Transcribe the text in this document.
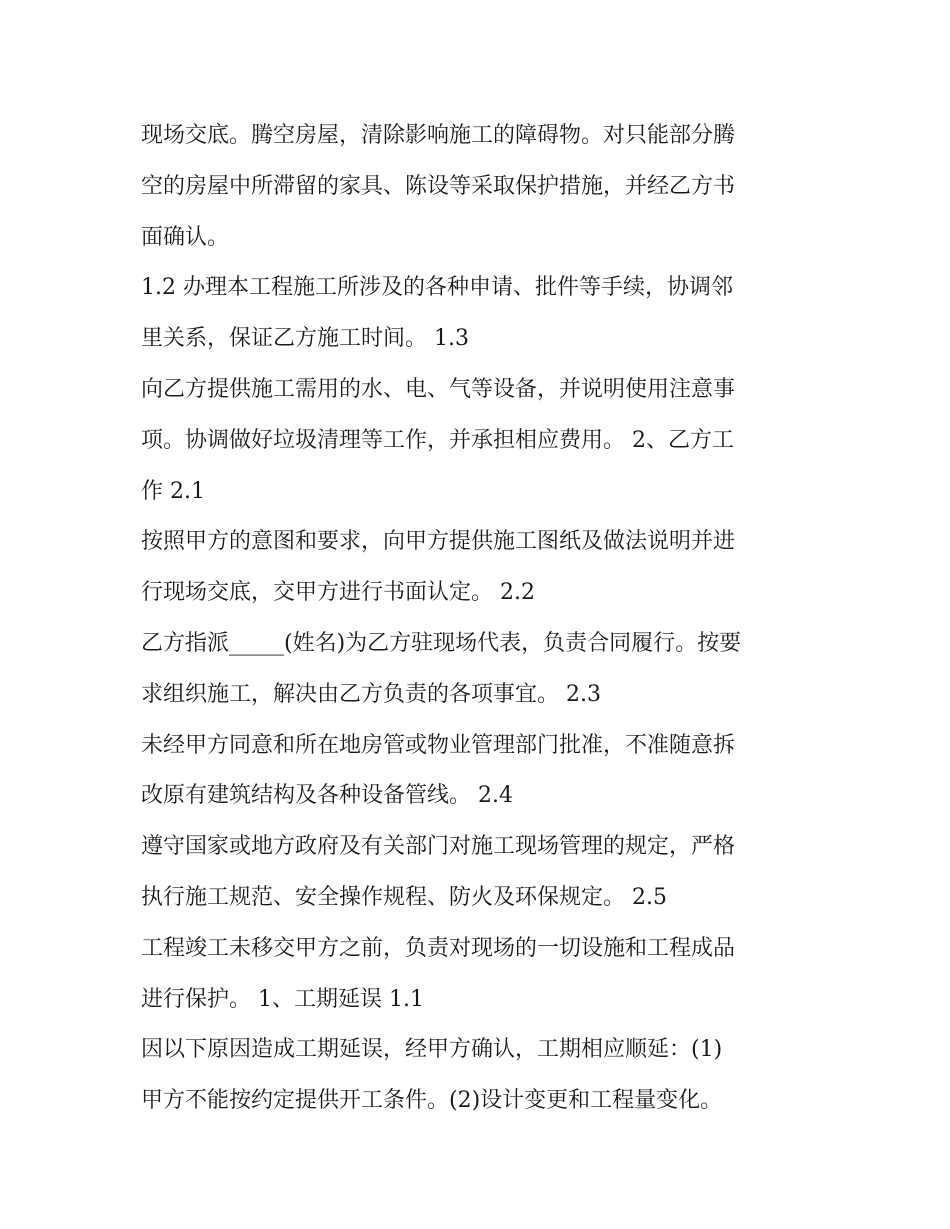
现场交底。腾空房屋，清除影响施工的障碍物。对只能部分腾
空的房屋中所滞留的家具、陈设等采取保护措施，并经乙方书
面确认。
1.2 办理本工程施工所涉及的各种申请、批件等手续，协调邻
里关系，保证乙方施工时间。 1.3
向乙方提供施工需用的水、电、气等设备，并说明使用注意事
项。协调做好垃圾清理等工作，并承担相应费用。 2、乙方工
作 2.1
按照甲方的意图和要求，向甲方提供施工图纸及做法说明并进
行现场交底，交甲方进行书面认定。 2.2
乙方指派_____(姓名)为乙方驻现场代表，负责合同履行。按要
求组织施工，解决由乙方负责的各项事宜。 2.3
未经甲方同意和所在地房管或物业管理部门批准，不准随意拆
改原有建筑结构及各种设备管线。 2.4
遵守国家或地方政府及有关部门对施工现场管理的规定，严格
执行施工规范、安全操作规程、防火及环保规定。 2.5
工程竣工未移交甲方之前，负责对现场的一切设施和工程成品
进行保护。 1、工期延误 1.1
因以下原因造成工期延误，经甲方确认，工期相应顺延：(1)
甲方不能按约定提供开工条件。(2)设计变更和工程量变化。
